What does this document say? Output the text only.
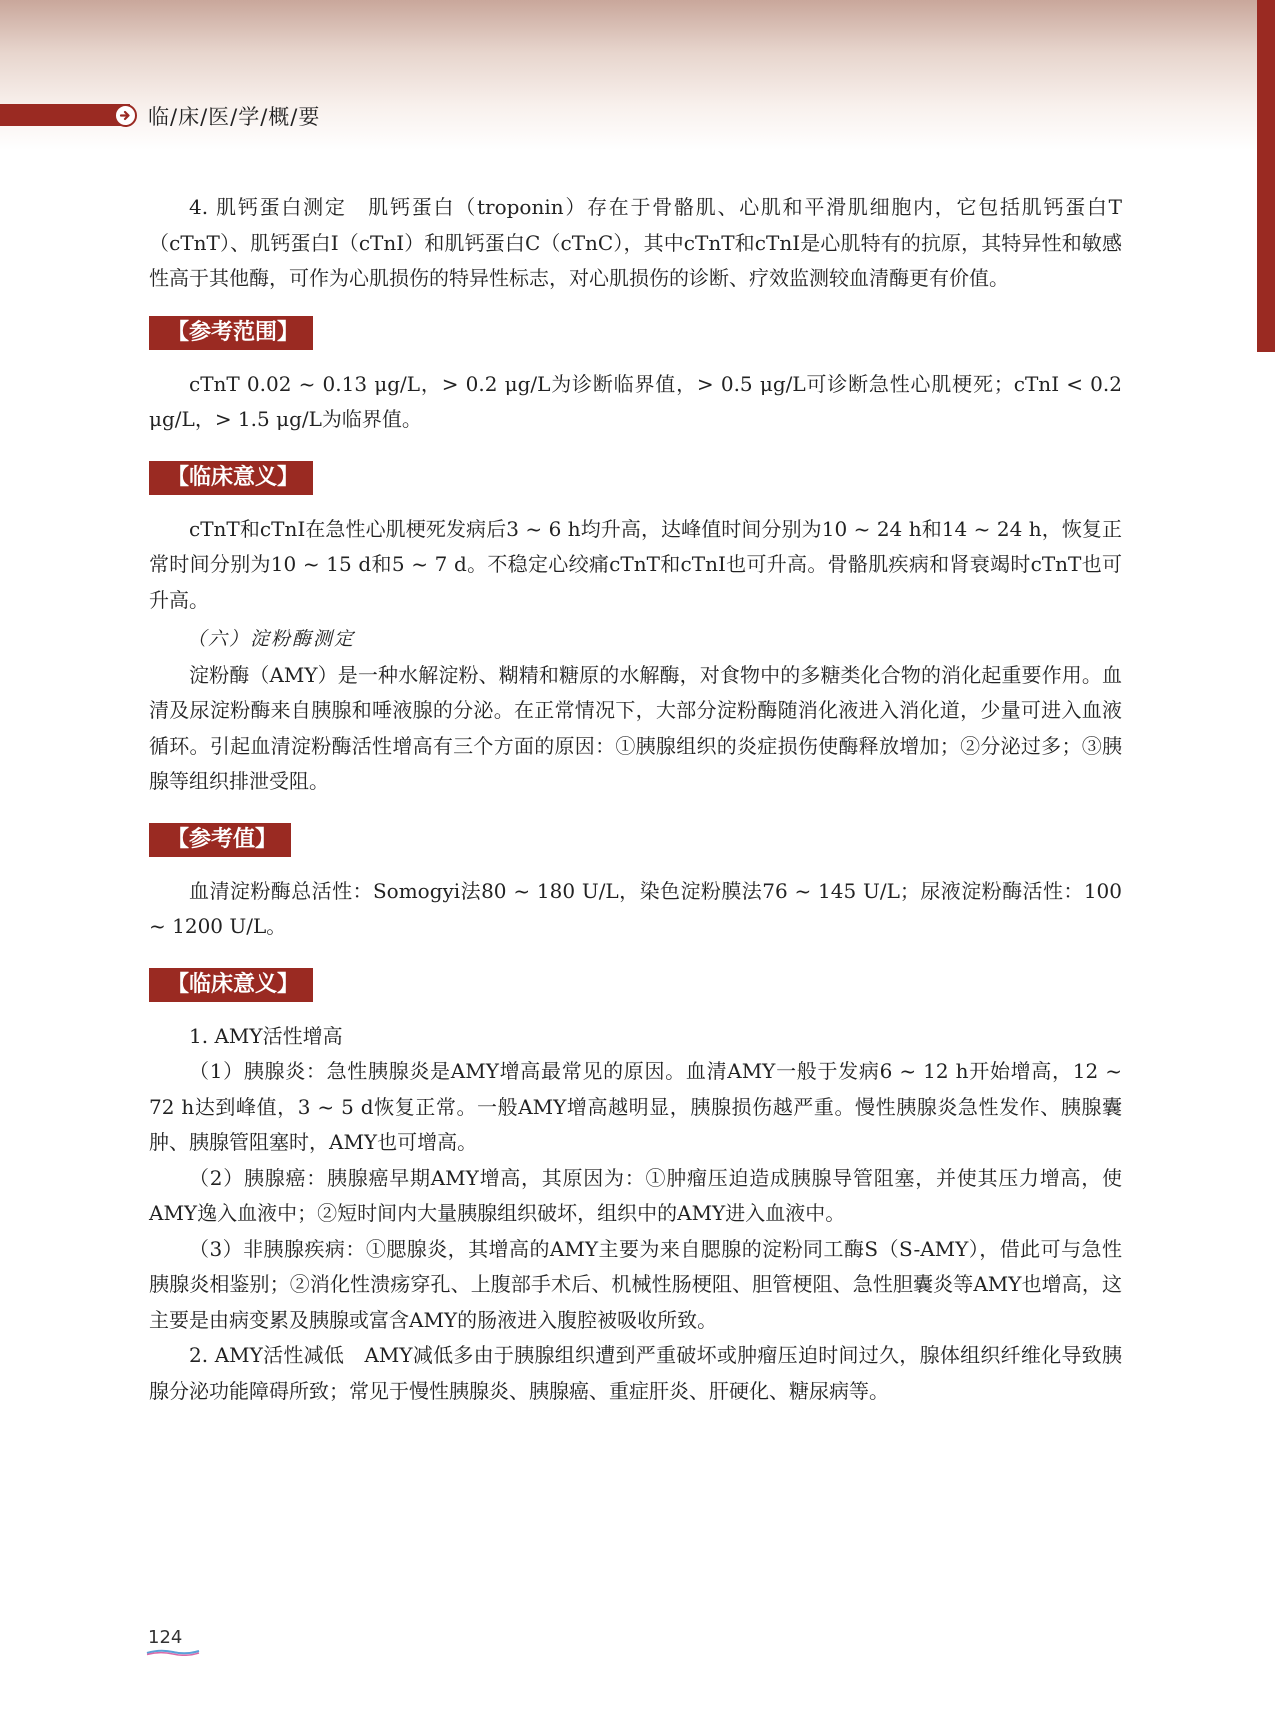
临/床/医/学/概/要

4. 肌钙蛋白测定　肌钙蛋白（troponin）存在于骨骼肌、心肌和平滑肌细胞内，它包括肌钙蛋白T（cTnT）、肌钙蛋白I（cTnI）和肌钙蛋白C（cTnC），其中cTnT和cTnI是心肌特有的抗原，其特异性和敏感性高于其他酶，可作为心肌损伤的特异性标志，对心肌损伤的诊断、疗效监测较血清酶更有价值。

【参考范围】

cTnT 0.02 ~ 0.13 μg/L，> 0.2 μg/L为诊断临界值，> 0.5 μg/L可诊断急性心肌梗死；cTnI < 0.2 μg/L，> 1.5 μg/L为临界值。

【临床意义】

cTnT和cTnI在急性心肌梗死发病后3 ~ 6 h均升高，达峰值时间分别为10 ~ 24 h和14 ~ 24 h，恢复正常时间分别为10 ~ 15 d和5 ~ 7 d。不稳定心绞痛cTnT和cTnI也可升高。骨骼肌疾病和肾衰竭时cTnT也可升高。

（六）淀粉酶测定

淀粉酶（AMY）是一种水解淀粉、糊精和糖原的水解酶，对食物中的多糖类化合物的消化起重要作用。血清及尿淀粉酶来自胰腺和唾液腺的分泌。在正常情况下，大部分淀粉酶随消化液进入消化道，少量可进入血液循环。引起血清淀粉酶活性增高有三个方面的原因：①胰腺组织的炎症损伤使酶释放增加；②分泌过多；③胰腺等组织排泄受阻。

【参考值】

血清淀粉酶总活性：Somogyi法80 ~ 180 U/L，染色淀粉膜法76 ~ 145 U/L；尿液淀粉酶活性：100 ~ 1200 U/L。

【临床意义】

1. AMY活性增高

（1）胰腺炎：急性胰腺炎是AMY增高最常见的原因。血清AMY一般于发病6 ~ 12 h开始增高，12 ~ 72 h达到峰值，3 ~ 5 d恢复正常。一般AMY增高越明显，胰腺损伤越严重。慢性胰腺炎急性发作、胰腺囊肿、胰腺管阻塞时，AMY也可增高。

（2）胰腺癌：胰腺癌早期AMY增高，其原因为：①肿瘤压迫造成胰腺导管阻塞，并使其压力增高，使AMY逸入血液中；②短时间内大量胰腺组织破坏，组织中的AMY进入血液中。

（3）非胰腺疾病：①腮腺炎，其增高的AMY主要为来自腮腺的淀粉同工酶S（S-AMY），借此可与急性胰腺炎相鉴别；②消化性溃疡穿孔、上腹部手术后、机械性肠梗阻、胆管梗阻、急性胆囊炎等AMY也增高，这主要是由病变累及胰腺或富含AMY的肠液进入腹腔被吸收所致。

2. AMY活性减低　AMY减低多由于胰腺组织遭到严重破坏或肿瘤压迫时间过久，腺体组织纤维化导致胰腺分泌功能障碍所致；常见于慢性胰腺炎、胰腺癌、重症肝炎、肝硬化、糖尿病等。

124
